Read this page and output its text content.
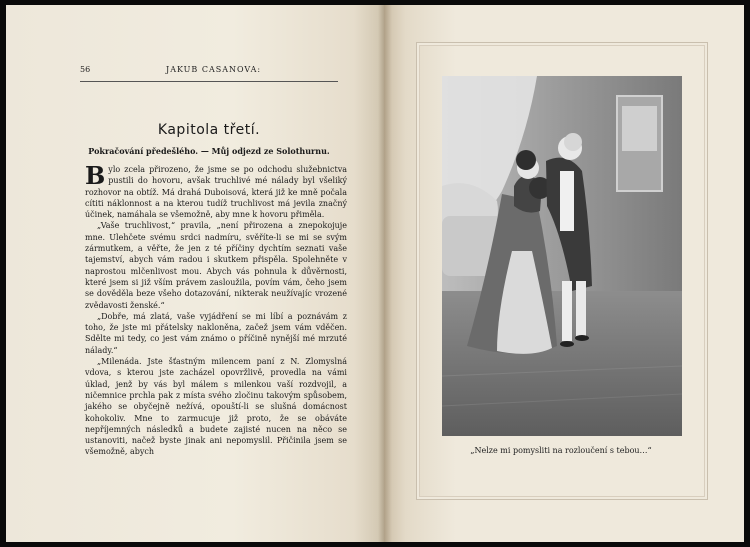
56	JAKUB CASANOVA:
Kapitola třetí.
Pokračování předešlého. — Můj odjezd ze Solothurnu.

Bylo zcela přirozeno, že jsme se po odchodu služebnictva pustili do hovoru, avšak truchlivé mé nálady byl všeliký rozhovor na obtíž. Má drahá Duboisová, která již ke mně počala cítiti náklonnost a na kterou tudíž truchlivost má jevila značný účinek, namáhala se všemožně, aby mne k hovoru přiměla.

„Vaše truchlivost,“ pravila, „není přirozena a znepokojuje mne. Ulehčete svému srdci nadmíru, svěříte-li se mi se svým zármutkem, a věřte, že jen z té příčiny dychtím seznati vaše tajemství, abych vám radou i skutkem přispěla. Spolehněte v naprostou mlčenlivost mou. Abych vás pohnula k důvěrnosti, které jsem si již vším právem zasloužila, povím vám, čeho jsem se dověděla beze všeho dotazování, nikterak neužívajíc vrozené zvědavosti ženské.“

„Dobře, má zlatá, vaše vyjádření se mi líbí a poznávám z toho, že jste mi přátelsky nakloněna, začež jsem vám vděčen. Sdělte mi tedy, co jest vám známo o příčině nynější mé mrzuté nálady.“

„Milenáda. Jste šťastným milencem paní z N. Zlomyslná vdova, s kterou jste zacházel opovržlivě, provedla na vámi úklad, jenž by vás byl málem s milenkou vaší rozdvojil, a ničemnice prchla pak z místa svého zločinu takovým spůsobem, jakého se obyčejně nežívá, opouští-li se slušná domácnost kohokoliv. Mne to zarmucuje již proto, že se obáváte nepříjemných následků a budete zajisté nucen na něco se ustanoviti, načež byste jinak ani nepomyslil. Přičinila jsem se všemožně, abych	„Nelze mi pomysliti na rozloučení s tebou…“
